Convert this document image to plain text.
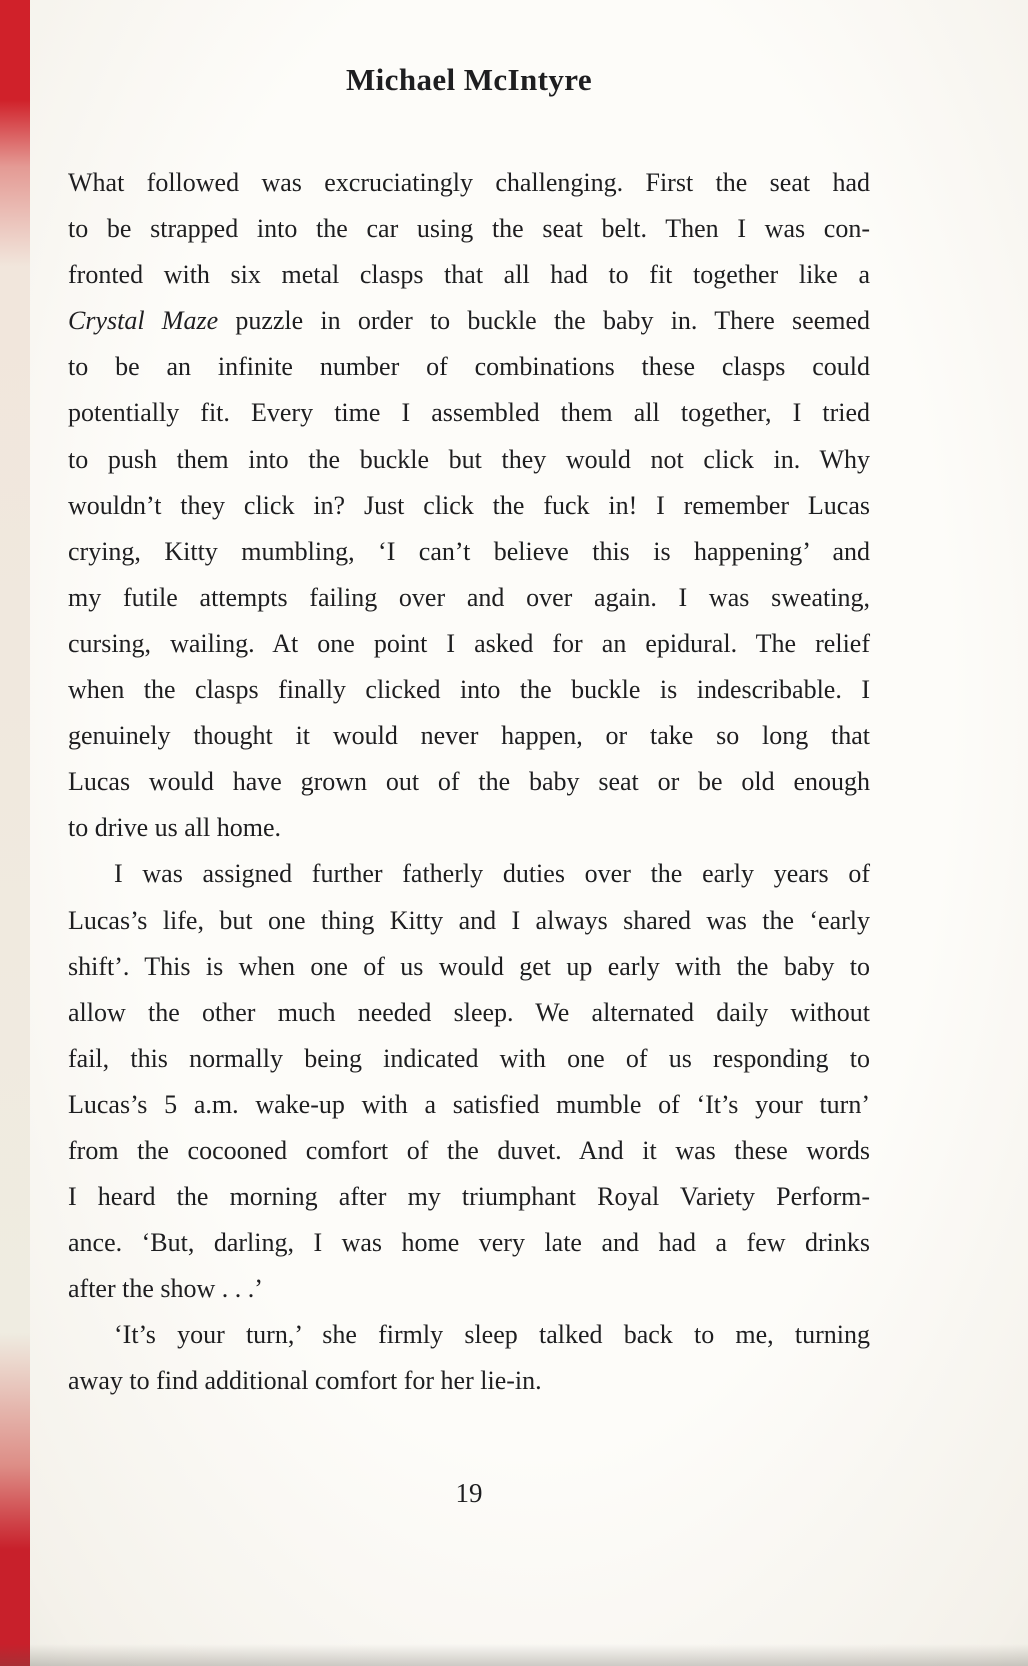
Michael McIntyre
What followed was excruciatingly challenging. First the seat had
to be strapped into the car using the seat belt. Then I was con-
fronted with six metal clasps that all had to fit together like a
Crystal Maze puzzle in order to buckle the baby in. There seemed
to be an infinite number of combinations these clasps could
potentially fit. Every time I assembled them all together, I tried
to push them into the buckle but they would not click in. Why
wouldn’t they click in? Just click the fuck in! I remember Lucas
crying, Kitty mumbling, ‘I can’t believe this is happening’ and
my futile attempts failing over and over again. I was sweating,
cursing, wailing. At one point I asked for an epidural. The relief
when the clasps finally clicked into the buckle is indescribable. I
genuinely thought it would never happen, or take so long that
Lucas would have grown out of the baby seat or be old enough
to drive us all home.
I was assigned further fatherly duties over the early years of
Lucas’s life, but one thing Kitty and I always shared was the ‘early
shift’. This is when one of us would get up early with the baby to
allow the other much needed sleep. We alternated daily without
fail, this normally being indicated with one of us responding to
Lucas’s 5 a.m. wake-up with a satisfied mumble of ‘It’s your turn’
from the cocooned comfort of the duvet. And it was these words
I heard the morning after my triumphant Royal Variety Perform-
ance. ‘But, darling, I was home very late and had a few drinks
after the show . . .’
‘It’s your turn,’ she firmly sleep talked back to me, turning
away to find additional comfort for her lie-in.
19
